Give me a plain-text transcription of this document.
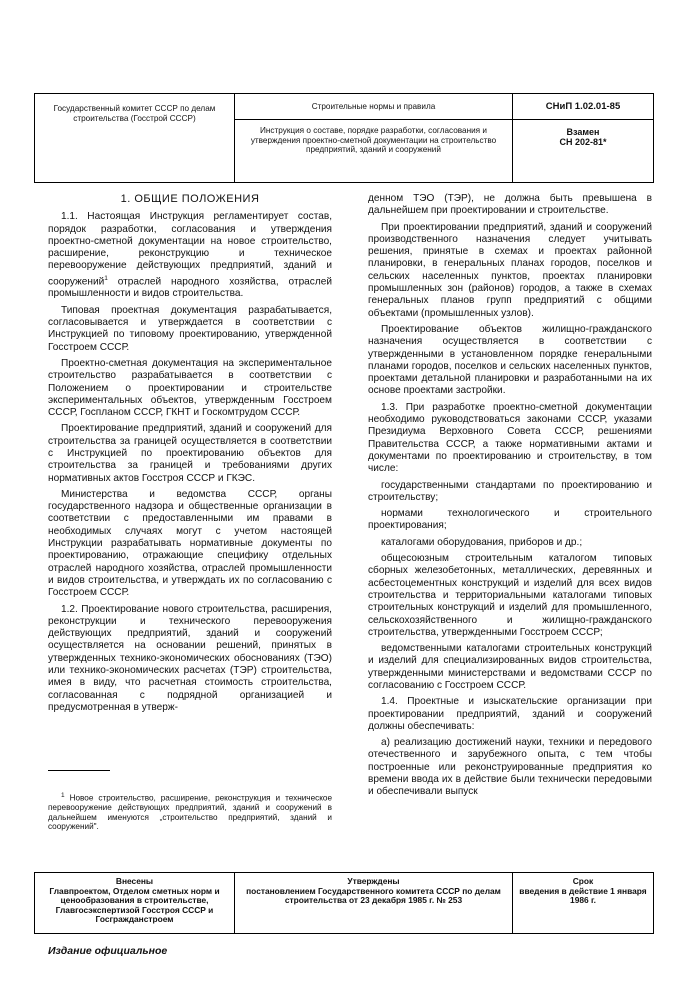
Государственный комитет СССР по делам строительства (Госстрой СССР)
Строительные нормы и правила	СНиП 1.02.01-85
Инструкция о составе, порядке разработки, согласования и утверждения проектно-сметной документации на строительство предприятий, зданий и сооружений
Взамен
СН 202-81*
1. ОБЩИЕ ПОЛОЖЕНИЯ

1.1. Настоящая Инструкция регламентирует состав, порядок разработки, согласования и утверждения проектно-сметной документации на новое строительство, расширение, реконструкцию и техническое перевооружение действующих предприятий, зданий и сооружений$^1$ отраслей народного хозяйства, отраслей промышленности и видов строительства.

Типовая проектная документация разрабатывается, согласовывается и утверждается в соответствии с Инструкцией по типовому проектированию, утвержденной Госстроем СССР.

Проектно-сметная документация на экспериментальное строительство разрабатывается в соответствии с Положением о проектировании и строительстве экспериментальных объектов, утвержденным Госстроем СССР, Госпланом СССР, ГКНТ и Госкомтрудом СССР.

Проектирование предприятий, зданий и сооружений для строительства за границей осуществляется в соответствии с Инструкцией по проектированию объектов для строительства за границей и требованиями других нормативных актов Госстроя СССР и ГКЭС.

Министерства и ведомства СССР, органы государственного надзора и общественные организации в соответствии с предоставленными им правами в необходимых случаях могут с учетом настоящей Инструкции разрабатывать нормативные документы по проектированию, отражающие специфику отдельных отраслей народного хозяйства, отраслей промышленности и видов строительства, и утверждать их по согласованию с Госстроем СССР.

1.2. Проектирование нового строительства, расширения, реконструкции и технического перевооружения действующих предприятий, зданий и сооружений осуществляется на основании решений, принятых в утвержденных технико-экономических обоснованиях (ТЭО) или технико-экономических расчетах (ТЭР) строительства, имея в виду, что расчетная стоимость строительства, согласованная с подрядной организацией и предусмотренная в утверж-

денном ТЭО (ТЭР), не должна быть превышена в дальнейшем при проектировании и строительстве.

При проектировании предприятий, зданий и сооружений производственного назначения следует учитывать решения, принятые в схемах и проектах районной планировки, в генеральных планах городов, поселков и сельских населенных пунктов, проектах планировки промышленных зон (районов) городов, а также в схемах генеральных планов групп предприятий с общими объектами (промышленных узлов).

Проектирование объектов жилищно-гражданского назначения осуществляется в соответствии с утвержденными в установленном порядке генеральными планами городов, поселков и сельских населенных пунктов, проектами детальной планировки и разработанными на их основе проектами застройки.

1.3. При разработке проектно-сметной документации необходимо руководствоваться законами СССР, указами Президиума Верховного Совета СССР, решениями Правительства СССР, а также нормативными актами и документами по проектированию и строительству, в том числе:

государственными стандартами по проектированию и строительству;

нормами технологического и строительного проектирования;

каталогами оборудования, приборов и др.;

общесоюзным строительным каталогом типовых сборных железобетонных, металлических, деревянных и асбестоцементных конструкций и изделий для всех видов строительства и территориальными каталогами типовых строительных конструкций и изделий для промышленного, сельскохозяйственного и жилищно-гражданского строительства, утвержденными Госстроем СССР;

ведомственными каталогами строительных конструкций и изделий для специализированных видов строительства, утвержденными министерствами и ведомствами СССР по согласованию с Госстроем СССР.

1.4. Проектные и изыскательские организации при проектировании предприятий, зданий и сооружений должны обеспечивать:

а) реализацию достижений науки, техники и передового отечественного и зарубежного опыта, с тем чтобы построенные или реконструированные предприятия ко времени ввода их в действие были технически передовыми и обеспечивали выпуск

$^1$ Новое строительство, расширение, реконструкция и техническое перевооружение действующих предприятий, зданий и сооружений в дальнейшем именуются „строительство предприятий, зданий и сооружений".

Внесены
Главпроектом, Отделом сметных норм и ценообразования в строительстве, Главгосэкспертизой Госстроя СССР и Госгражданстроем
Утверждены
постановлением Государственного комитета СССР по делам строительства от 23 декабря 1985 г. № 253
Срок
введения в действие 1 января 1986 г.
Издание официальное
